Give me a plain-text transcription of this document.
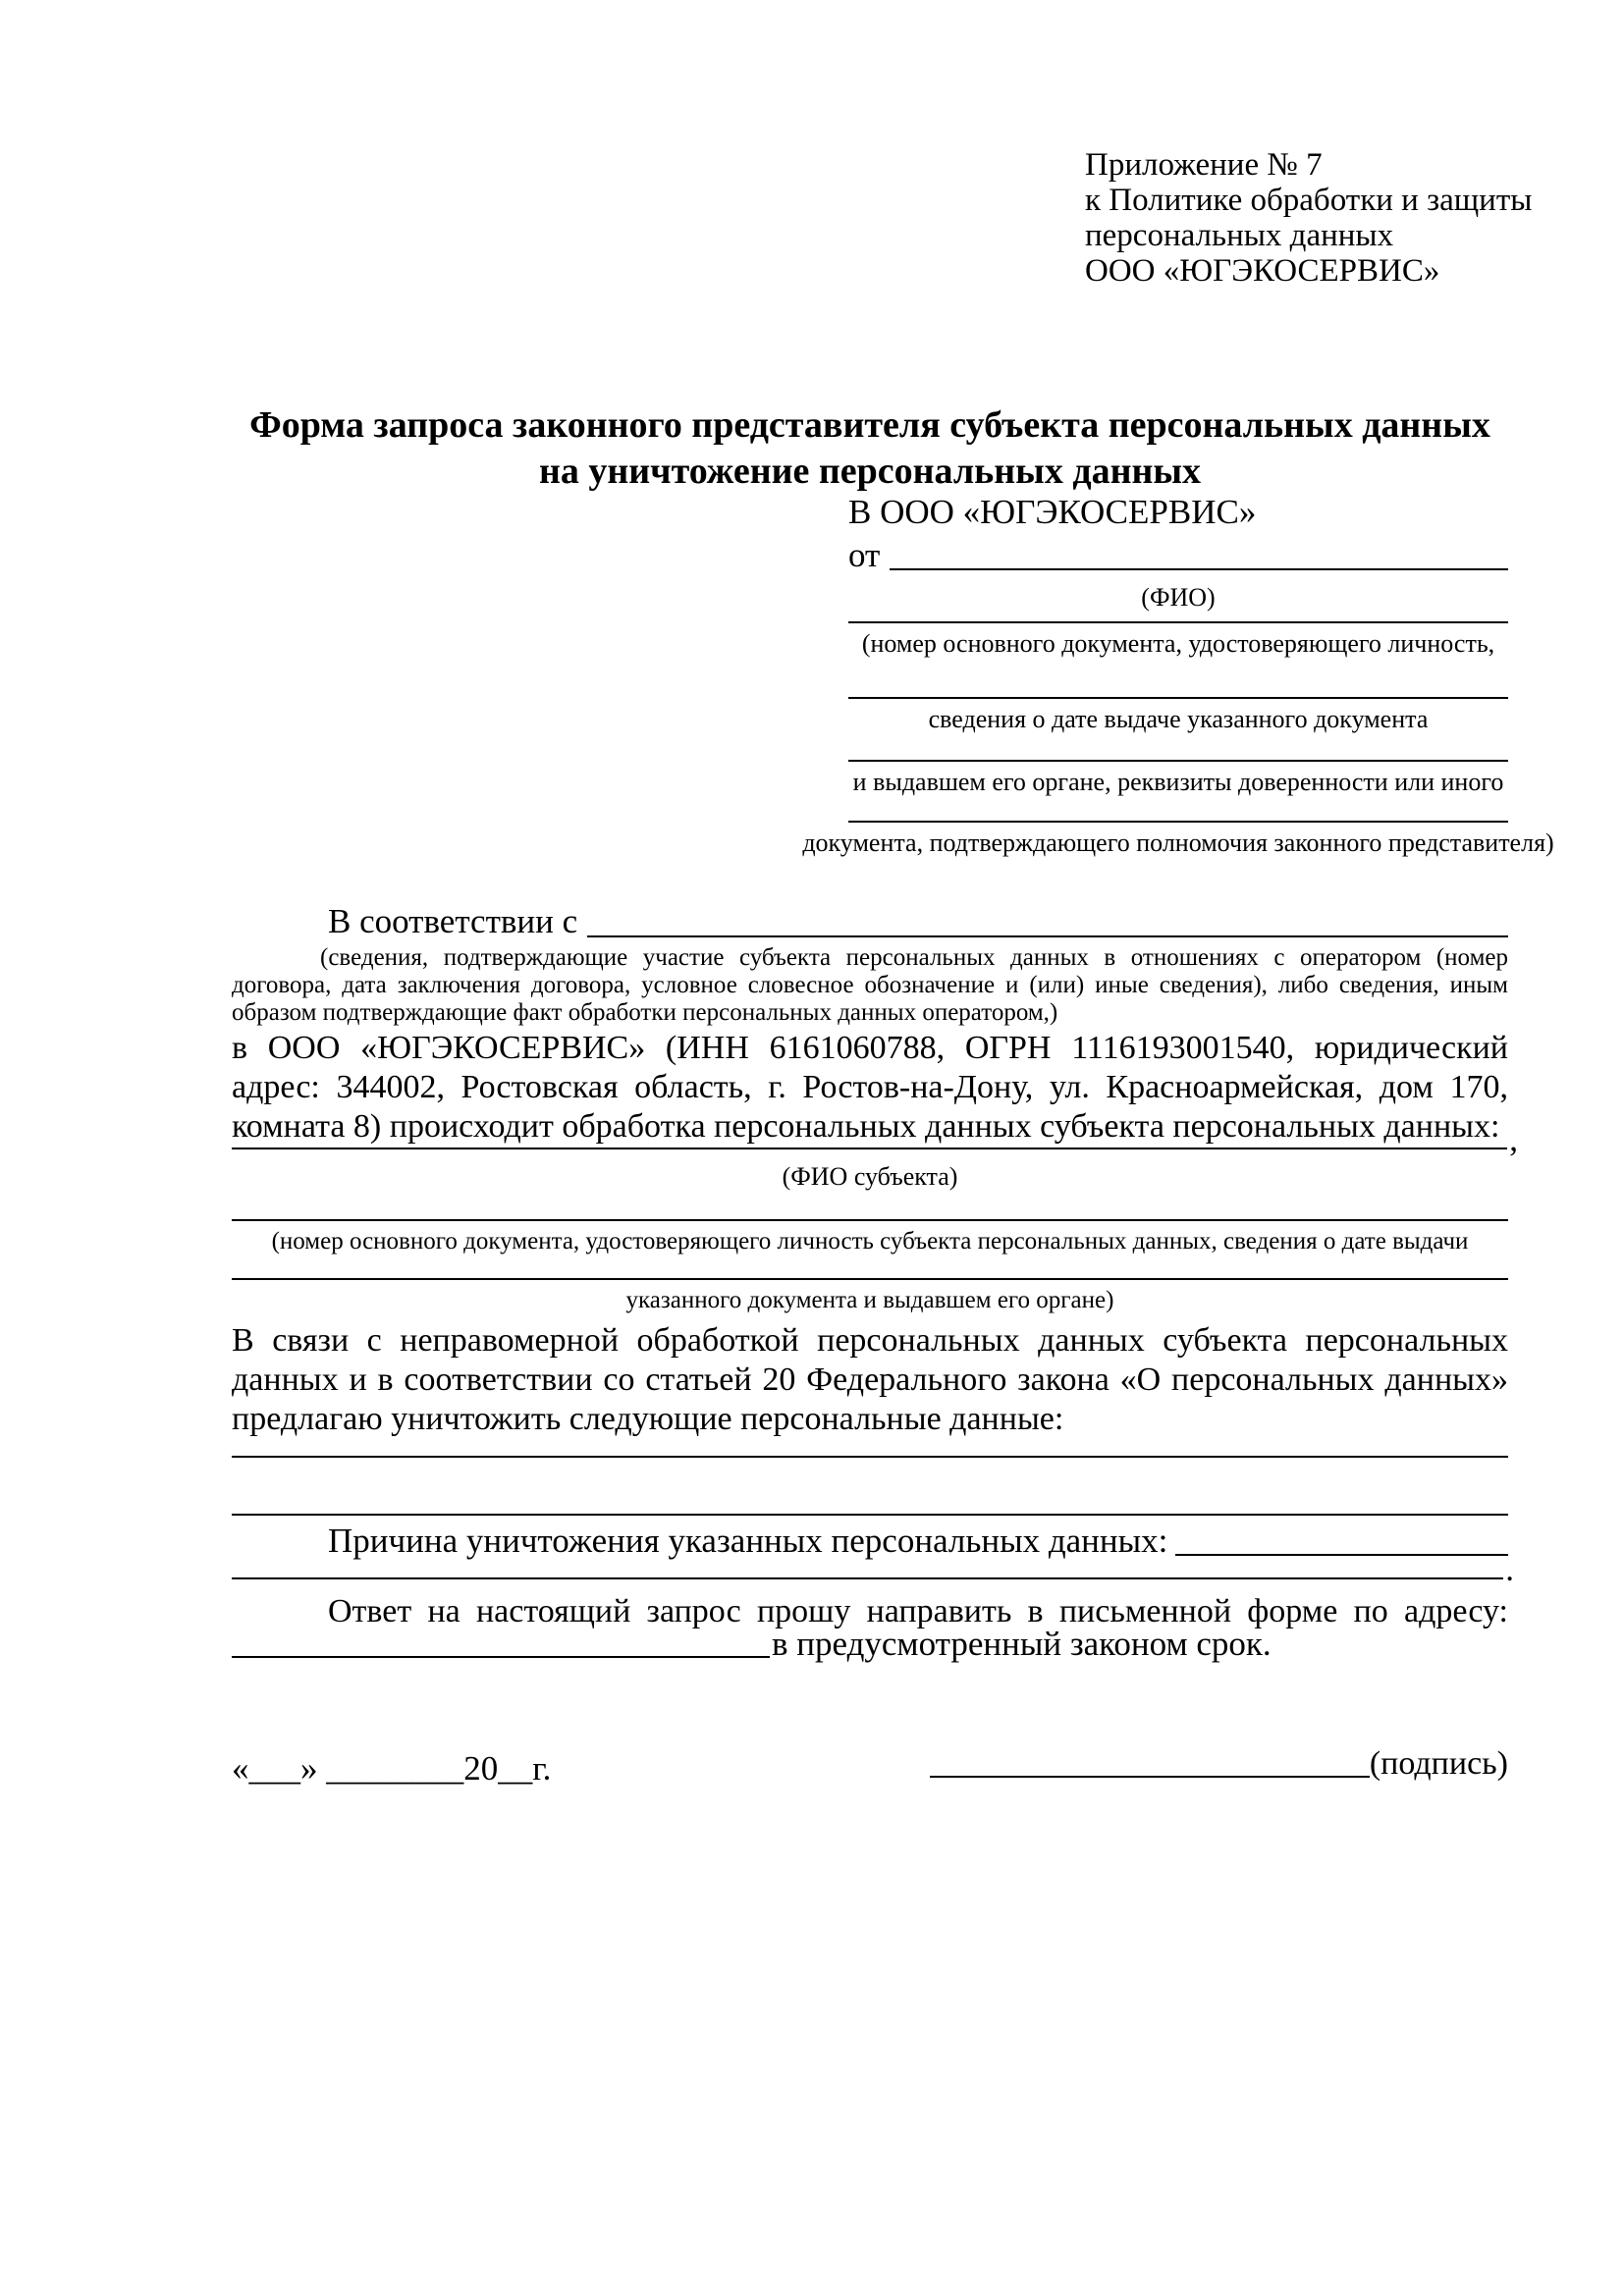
Приложение № 7
к Политике обработки и защиты
персональных данных
ООО «ЮГЭКОСЕРВИС»
Форма запроса законного представителя субъекта персональных данных
на уничтожение персональных данных
В ООО «ЮГЭКОСЕРВИС»
от
(ФИО)
(номер основного документа, удостоверяющего личность,
сведения о дате выдаче указанного документа
и выдавшем его органе, реквизиты доверенности или иного
документа, подтверждающего полномочия законного представителя)
В соответствии с
(сведения, подтверждающие участие субъекта персональных данных в отношениях с оператором (номер договора, дата заключения договора, условное словесное обозначение и (или) иные сведения), либо сведения, иным образом подтверждающие факт обработки персональных данных оператором,)
в ООО «ЮГЭКОСЕРВИС» (ИНН 6161060788, ОГРН 1116193001540, юридический адрес: 344002, Ростовская область, г. Ростов-на-Дону, ул. Красноармейская, дом 170, комната 8) происходит обработка персональных данных субъекта персональных данных: ,
(ФИО субъекта)
(номер основного документа, удостоверяющего личность субъекта персональных данных, сведения о дате выдачи
указанного документа и выдавшем его органе)
В связи с неправомерной обработкой персональных данных субъекта персональных данных и в соответствии со статьей 20 Федерального закона «О персональных данных» предлагаю уничтожить следующие персональные данные:
Причина уничтожения указанных персональных данных:
.
Ответ на настоящий запрос прошу направить в письменной форме по адресу:
в предусмотренный законом срок.
«___» ________20__г.	(подпись)
